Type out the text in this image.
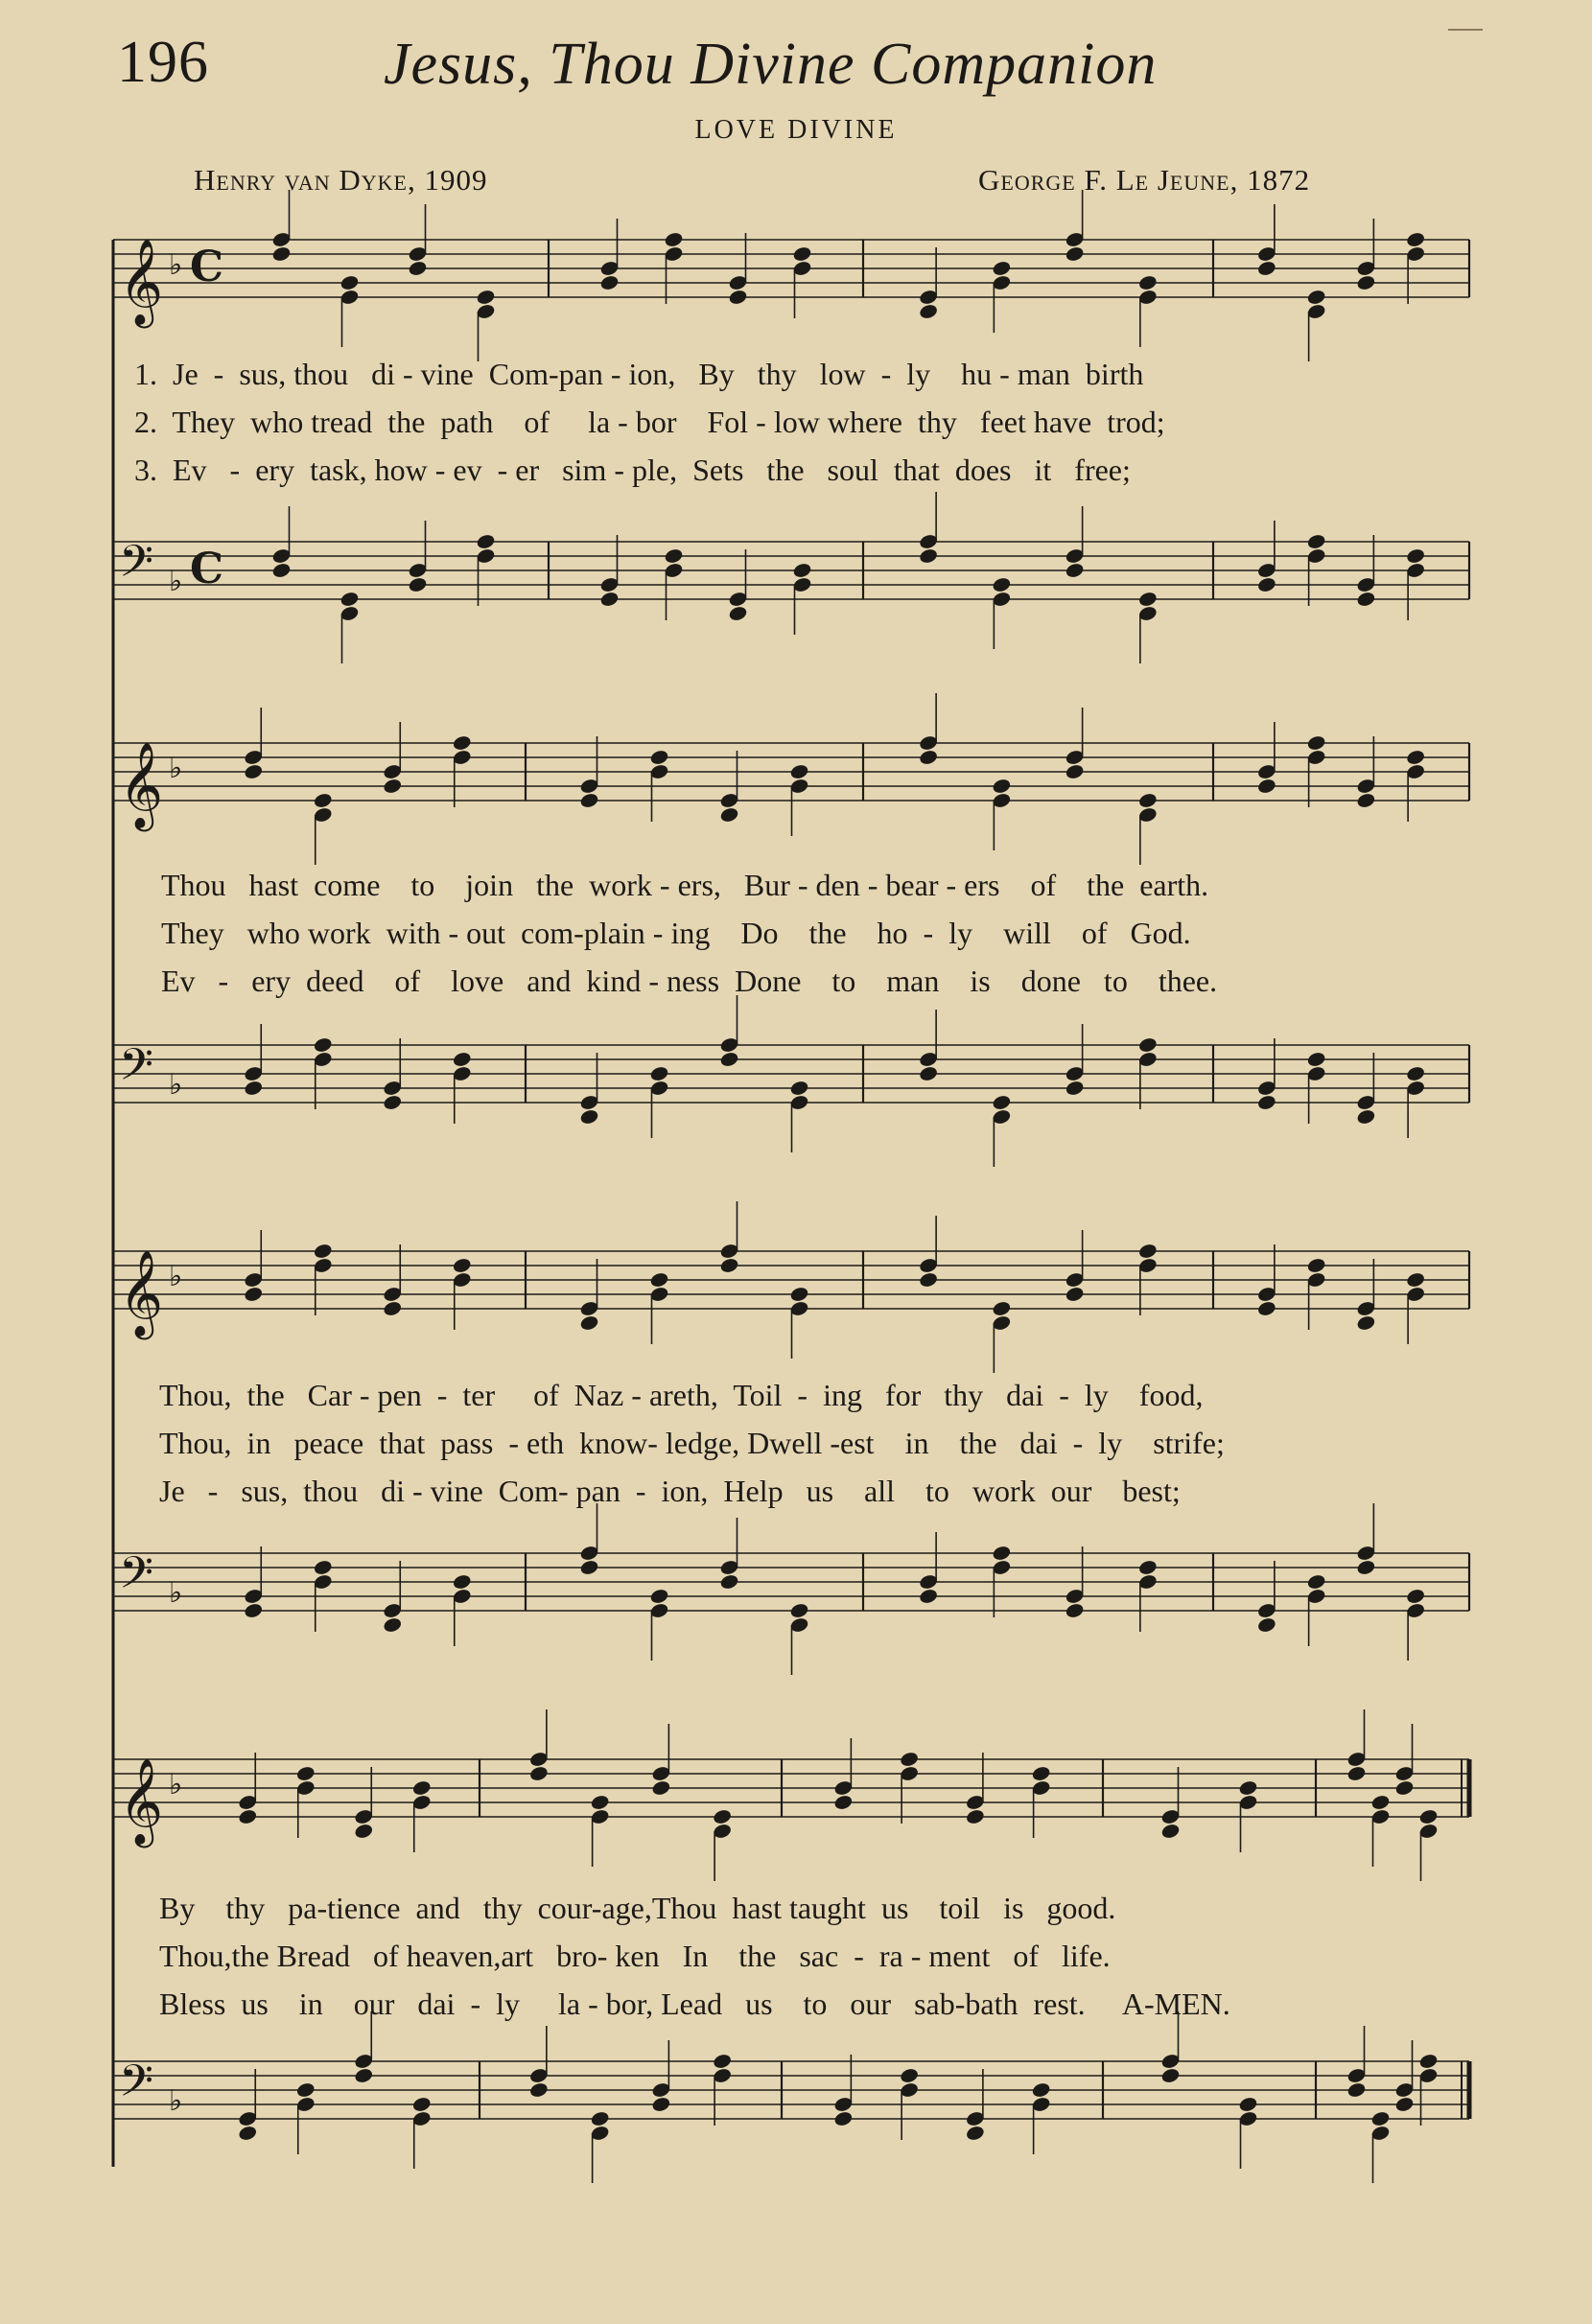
196	Jesus, Thou Divine Companion
LOVE DIVINE
Henry van Dyke, 1909	George F. Le Jeune, 1872
𝄞 ♭ C
𝄢 ♭ C
𝄞 ♭
𝄢 ♭
𝄞 ♭
𝄢 ♭
𝄞 ♭
𝄢 ♭
1.  Je  -  sus, thou   di - vine  Com-pan - ion,   By   thy   low  -  ly    hu - man  birth
2.  They  who tread  the  path    of     la - bor    Fol - low where  thy   feet have  trod;
3.  Ev   -  ery  task, how - ev  - er   sim - ple,  Sets   the   soul  that  does   it   free;
Thou   hast  come    to    join   the  work - ers,   Bur - den - bear - ers    of    the  earth.
They   who work  with - out  com-plain - ing    Do    the    ho  -  ly    will    of   God.
Ev   -   ery  deed    of    love   and  kind - ness  Done    to    man    is    done   to    thee.
Thou,  the   Car - pen  -  ter     of  Naz - areth,  Toil  -  ing   for   thy   dai  -  ly    food,
Thou,  in   peace  that  pass  - eth  know- ledge, Dwell -est    in    the   dai  -  ly    strife;
Je   -   sus,  thou   di - vine  Com- pan  -  ion,  Help   us    all    to   work  our    best;
By    thy   pa-tience  and   thy  cour-age,Thou  hast taught  us    toil   is   good.
Thou,the Bread   of heaven,art   bro- ken   In    the   sac  -  ra - ment   of   life.
Bless  us    in    our   dai  -  ly     la - bor, Lead   us    to   our   sab-bath  rest.     A-MEN.
